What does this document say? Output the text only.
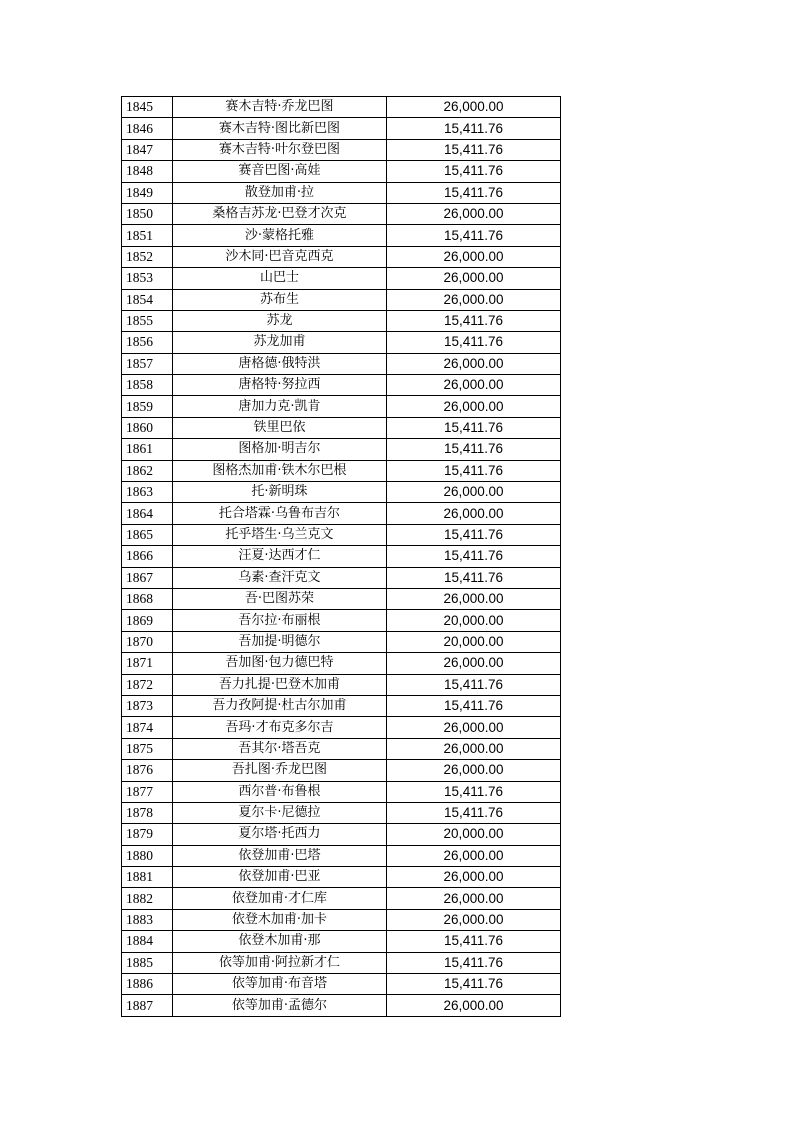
1845	赛木吉特·乔龙巴图	26,000.00
1846	赛木吉特·图比新巴图	15,411.76
1847	赛木吉特·叶尔登巴图	15,411.76
1848	赛音巴图·高娃	15,411.76
1849	散登加甫·拉	15,411.76
1850	桑格吉苏龙·巴登才次克	26,000.00
1851	沙·蒙格托雅	15,411.76
1852	沙木同·巴音克西克	26,000.00
1853	山巴士	26,000.00
1854	苏布生	26,000.00
1855	苏龙	15,411.76
1856	苏龙加甫	15,411.76
1857	唐格德·俄特洪	26,000.00
1858	唐格特·努拉西	26,000.00
1859	唐加力克·凯肯	26,000.00
1860	铁里巴依	15,411.76
1861	图格加·明吉尔	15,411.76
1862	图格杰加甫·铁木尔巴根	15,411.76
1863	托·新明珠	26,000.00
1864	托合塔霖·乌鲁布吉尔	26,000.00
1865	托乎塔生·乌兰克文	15,411.76
1866	汪夏·达西才仁	15,411.76
1867	乌素·查汗克文	15,411.76
1868	吾·巴图苏荣	26,000.00
1869	吾尔拉·布丽根	20,000.00
1870	吾加提·明德尔	20,000.00
1871	吾加图·包力德巴特	26,000.00
1872	吾力扎提·巴登木加甫	15,411.76
1873	吾力孜阿提·杜古尔加甫	15,411.76
1874	吾玛·才布克多尔吉	26,000.00
1875	吾其尔·塔吾克	26,000.00
1876	吾扎图·乔龙巴图	26,000.00
1877	西尔普·布鲁根	15,411.76
1878	夏尔卡·尼德拉	15,411.76
1879	夏尔塔·托西力	20,000.00
1880	依登加甫·巴塔	26,000.00
1881	依登加甫·巴亚	26,000.00
1882	依登加甫·才仁库	26,000.00
1883	依登木加甫·加卡	26,000.00
1884	依登木加甫·那	15,411.76
1885	依等加甫·阿拉新才仁	15,411.76
1886	依等加甫·布音塔	15,411.76
1887	依等加甫·孟德尔	26,000.00
